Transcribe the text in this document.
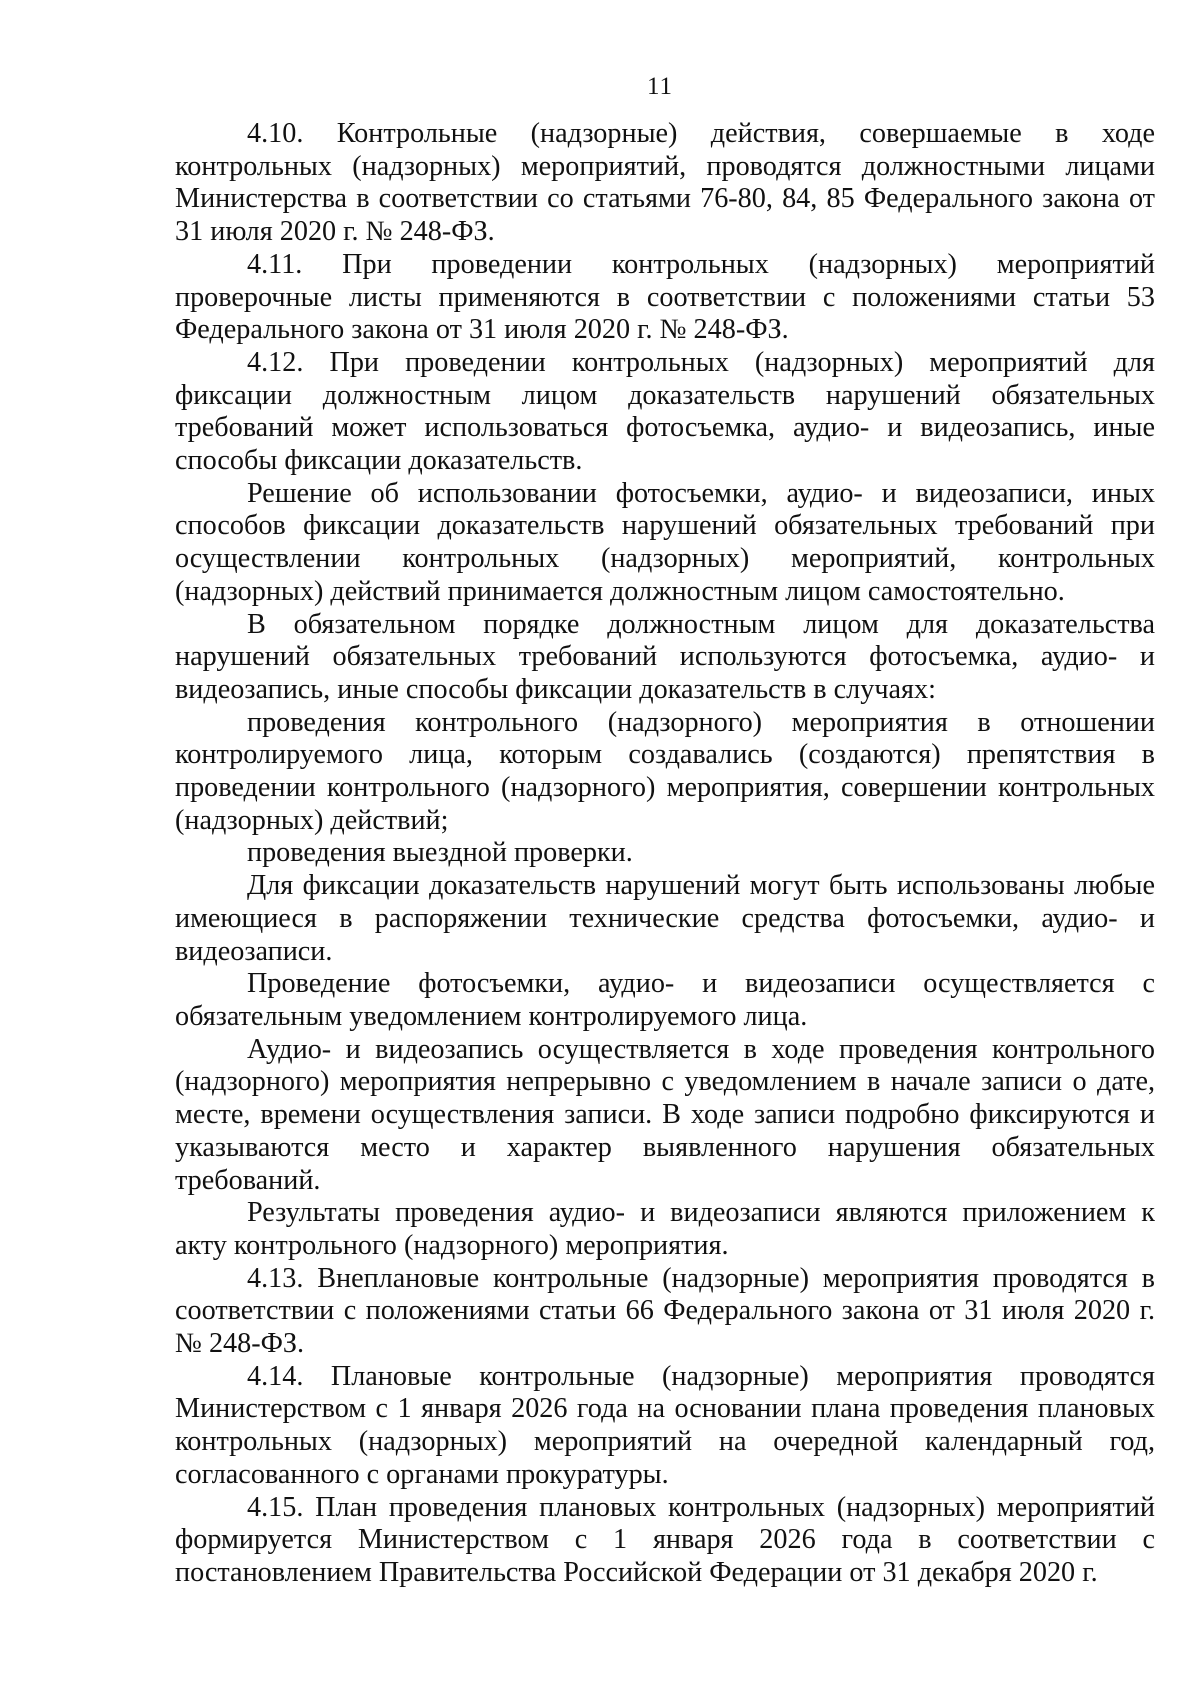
11

4.10. Контрольные (надзорные) действия, совершаемые в ходе контрольных (надзорных) мероприятий, проводятся должностными лицами Министерства в соответствии со статьями 76-80, 84, 85 Федерального закона от 31 июля 2020 г. № 248-ФЗ.

4.11. При проведении контрольных (надзорных) мероприятий проверочные листы применяются в соответствии с положениями статьи 53 Федерального закона от 31 июля 2020 г. № 248-ФЗ.

4.12. При проведении контрольных (надзорных) мероприятий для фиксации должностным лицом доказательств нарушений обязательных требований может использоваться фотосъемка, аудио- и видеозапись, иные способы фиксации доказательств.

Решение об использовании фотосъемки, аудио- и видеозаписи, иных способов фиксации доказательств нарушений обязательных требований при осуществлении контрольных (надзорных) мероприятий, контрольных (надзорных) действий принимается должностным лицом самостоятельно.

В обязательном порядке должностным лицом для доказательства нарушений обязательных требований используются фотосъемка, аудио- и видеозапись, иные способы фиксации доказательств в случаях:

проведения контрольного (надзорного) мероприятия в отношении контролируемого лица, которым создавались (создаются) препятствия в проведении контрольного (надзорного) мероприятия, совершении контрольных (надзорных) действий;

проведения выездной проверки.

Для фиксации доказательств нарушений могут быть использованы любые имеющиеся в распоряжении технические средства фотосъемки, аудио- и видеозаписи.

Проведение фотосъемки, аудио- и видеозаписи осуществляется с обязательным уведомлением контролируемого лица.

Аудио- и видеозапись осуществляется в ходе проведения контрольного (надзорного) мероприятия непрерывно с уведомлением в начале записи о дате, месте, времени осуществления записи. В ходе записи подробно фиксируются и указываются место и характер выявленного нарушения обязательных требований.

Результаты проведения аудио- и видеозаписи являются приложением к акту контрольного (надзорного) мероприятия.

4.13. Внеплановые контрольные (надзорные) мероприятия проводятся в соответствии с положениями статьи 66 Федерального закона от 31 июля 2020 г. № 248-ФЗ.

4.14. Плановые контрольные (надзорные) мероприятия проводятся Министерством с 1 января 2026 года на основании плана проведения плановых контрольных (надзорных) мероприятий на очередной календарный год, согласованного с органами прокуратуры.

4.15. План проведения плановых контрольных (надзорных) мероприятий формируется Министерством с 1 января 2026 года в соответствии с постановлением Правительства Российской Федерации от 31 декабря 2020 г.
